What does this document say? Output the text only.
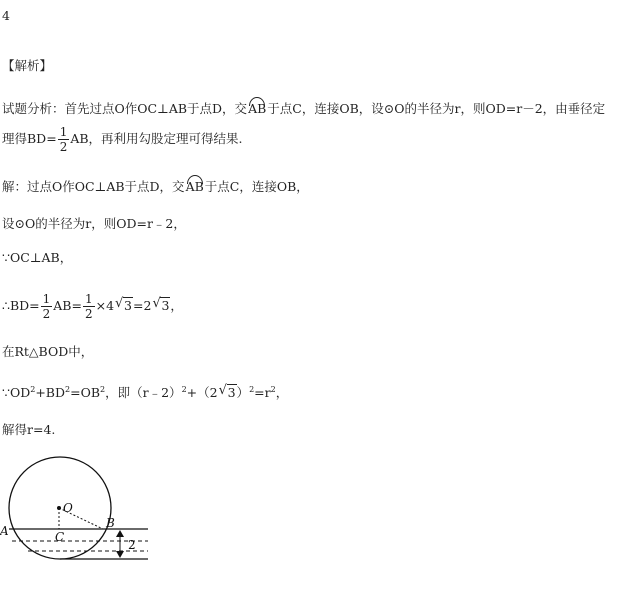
4
【解析】
试题分析：首先过点O作OC⊥AB于点D，交AB于点C，连接OB，设⊙O的半径为r，则OD=r－2，由垂径定
理得$BD= \frac{1}{2}$ AB，再利用勾股定理可得结果.
解：过点O作OC⊥AB于点D，交AB于点C，连接OB，
设⊙O的半径为r，则OD=r﹣2，
∵OC⊥AB，
∴BD= $\frac{1}{2} AB= \frac{1}{2} \times 4$ √ 3=2 √ 3，
在Rt△BOD中，
$\because OD^2+BD^2=OB^2$，即（r﹣2）$^2$+（2 √ $3)^2=r^2$，
解得r=4.
O
A
B
C
2
